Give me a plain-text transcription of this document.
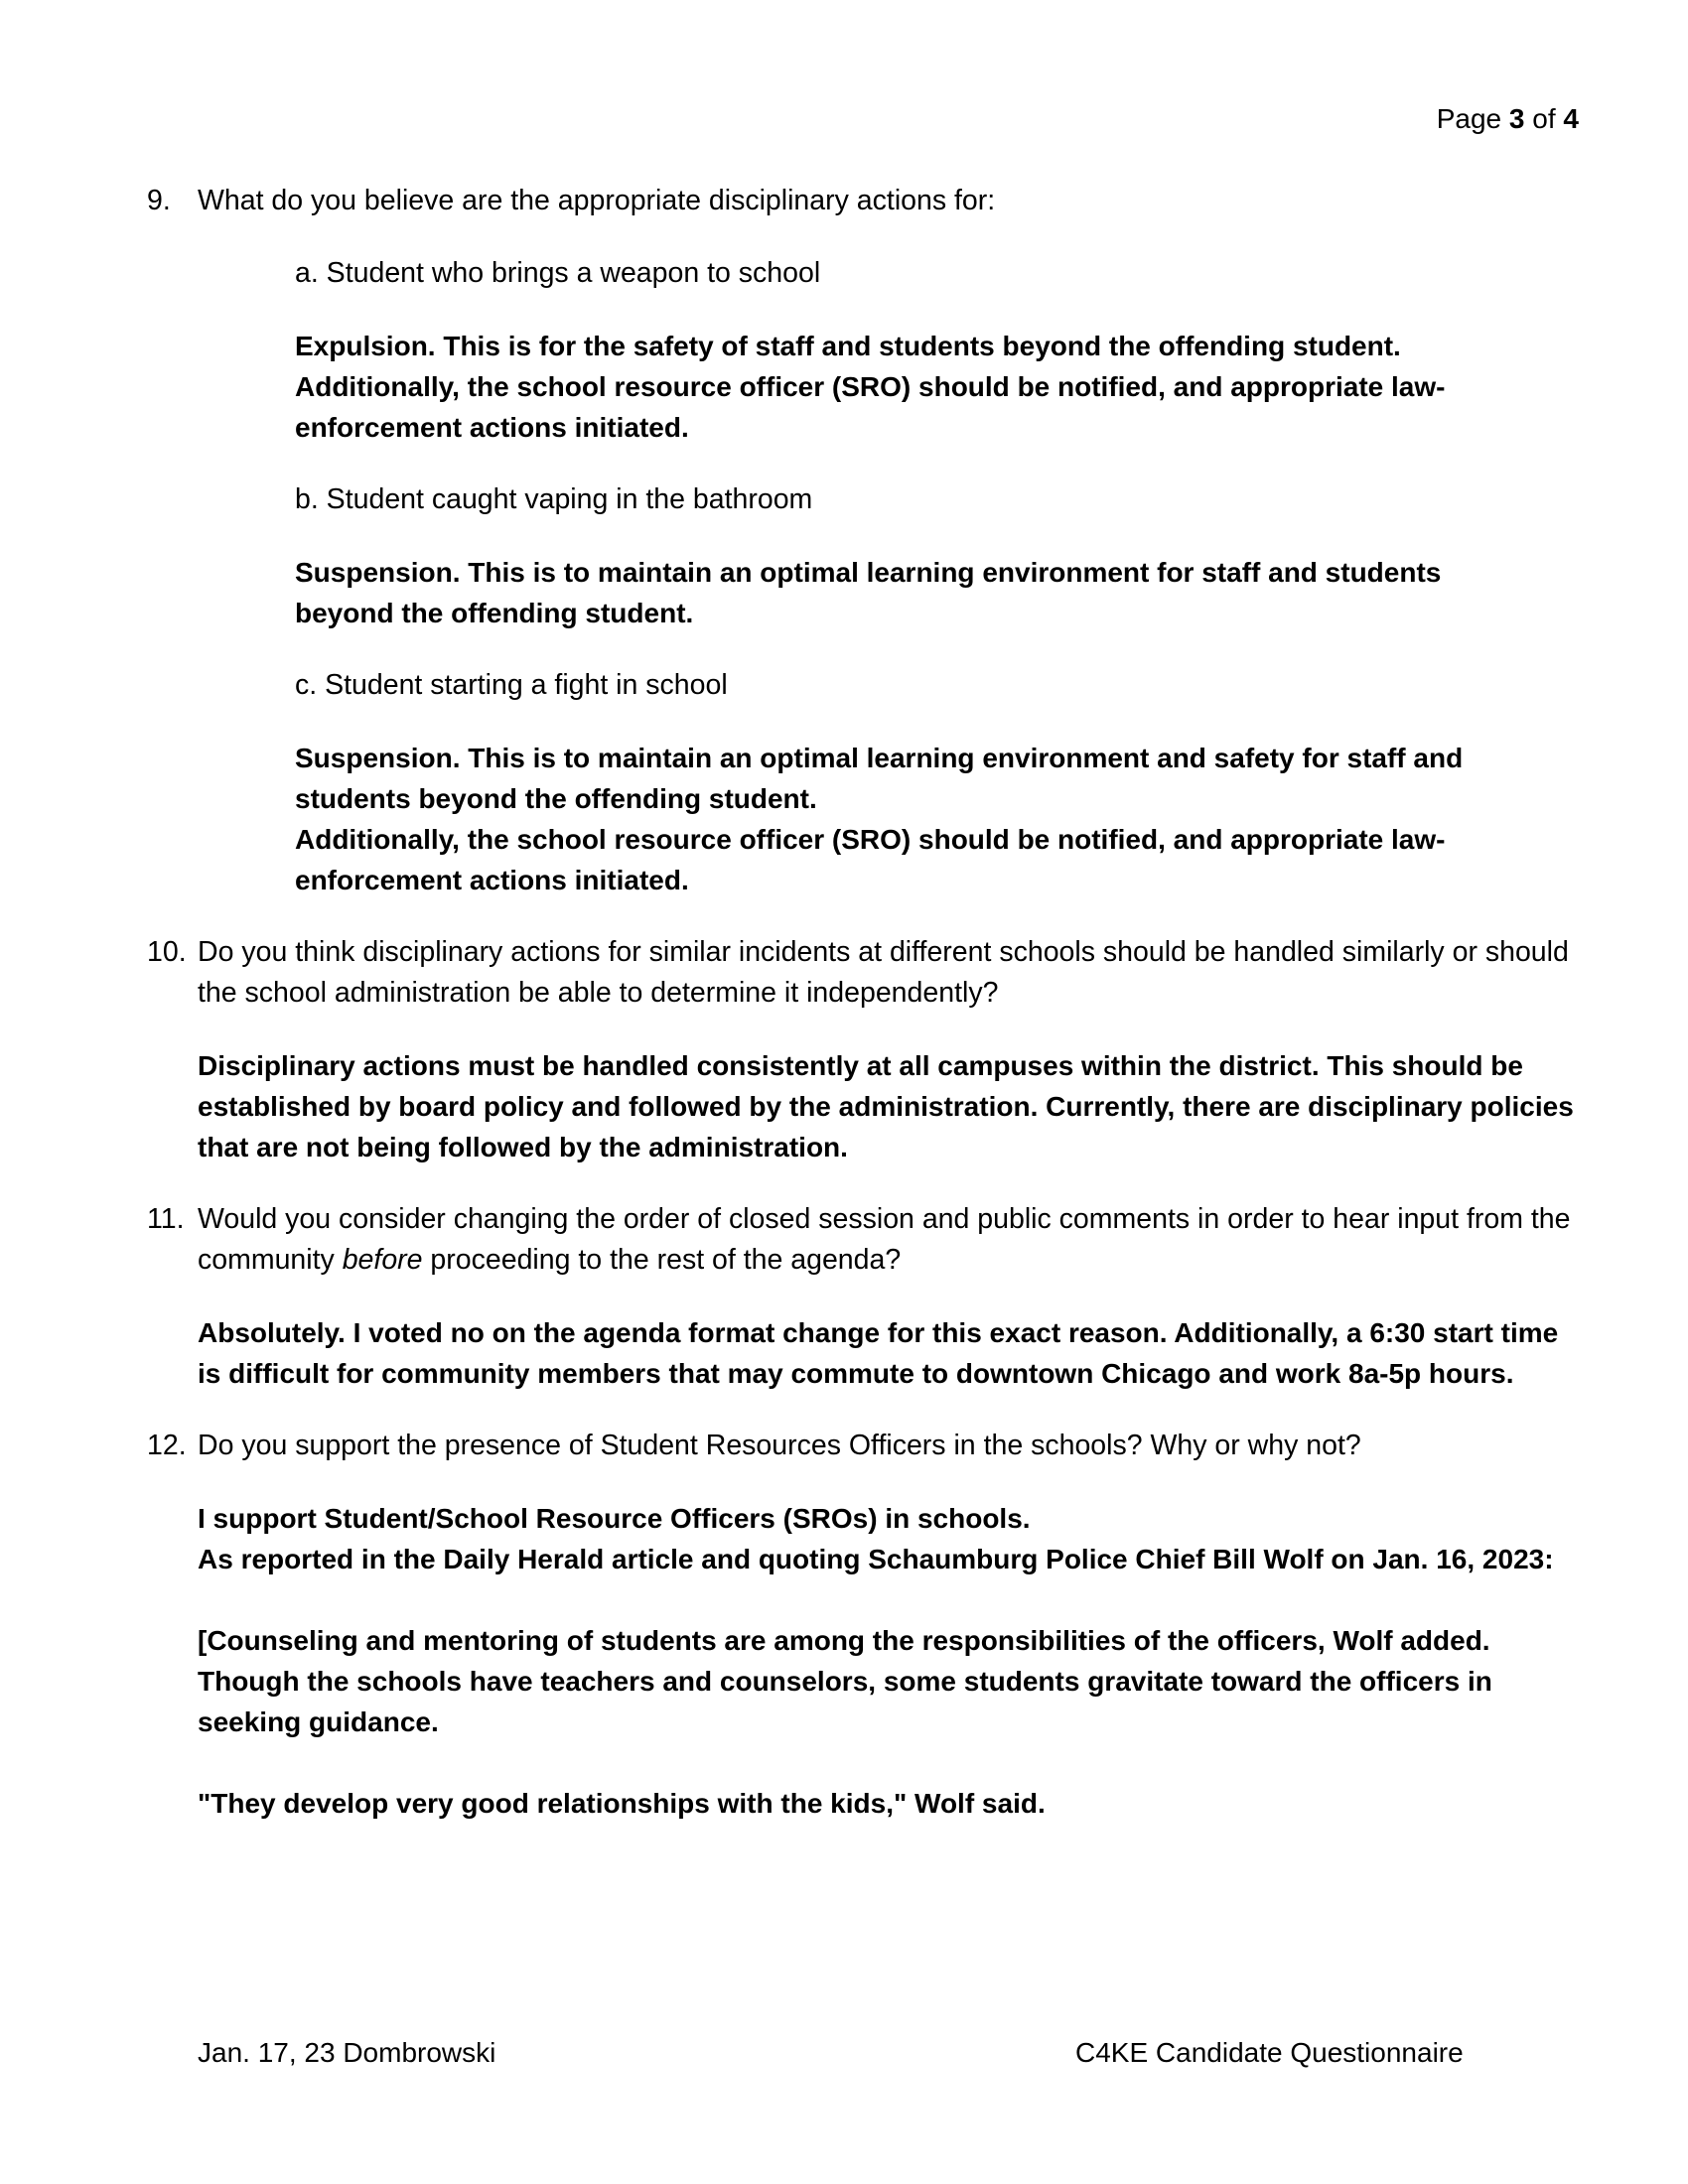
Page 3 of 4
9. What do you believe are the appropriate disciplinary actions for:
a. Student who brings a weapon to school

Expulsion. This is for the safety of staff and students beyond the offending student.

Additionally, the school resource officer (SRO) should be notified, and appropriate law-enforcement actions initiated.

b. Student caught vaping in the bathroom

Suspension. This is to maintain an optimal learning environment for staff and students beyond the offending student.

c. Student starting a fight in school

Suspension. This is to maintain an optimal learning environment and safety for staff and students beyond the offending student.

Additionally, the school resource officer (SRO) should be notified, and appropriate law-enforcement actions initiated.

10. Do you think disciplinary actions for similar incidents at different schools should be handled similarly or should the school administration be able to determine it independently?

Disciplinary actions must be handled consistently at all campuses within the district. This should be established by board policy and followed by the administration. Currently, there are disciplinary policies that are not being followed by the administration.

11. Would you consider changing the order of closed session and public comments in order to hear input from the community before proceeding to the rest of the agenda?

Absolutely. I voted no on the agenda format change for this exact reason. Additionally, a 6:30 start time is difficult for community members that may commute to downtown Chicago and work 8a-5p hours.

12. Do you support the presence of Student Resources Officers in the schools? Why or why not?

I support Student/School Resource Officers (SROs) in schools.

As reported in the Daily Herald article and quoting Schaumburg Police Chief Bill Wolf on Jan. 16, 2023:

[Counseling and mentoring of students are among the responsibilities of the officers, Wolf added. Though the schools have teachers and counselors, some students gravitate toward the officers in seeking guidance.

"They develop very good relationships with the kids," Wolf said.

Jan. 17, 23 Dombrowski	C4KE Candidate Questionnaire
